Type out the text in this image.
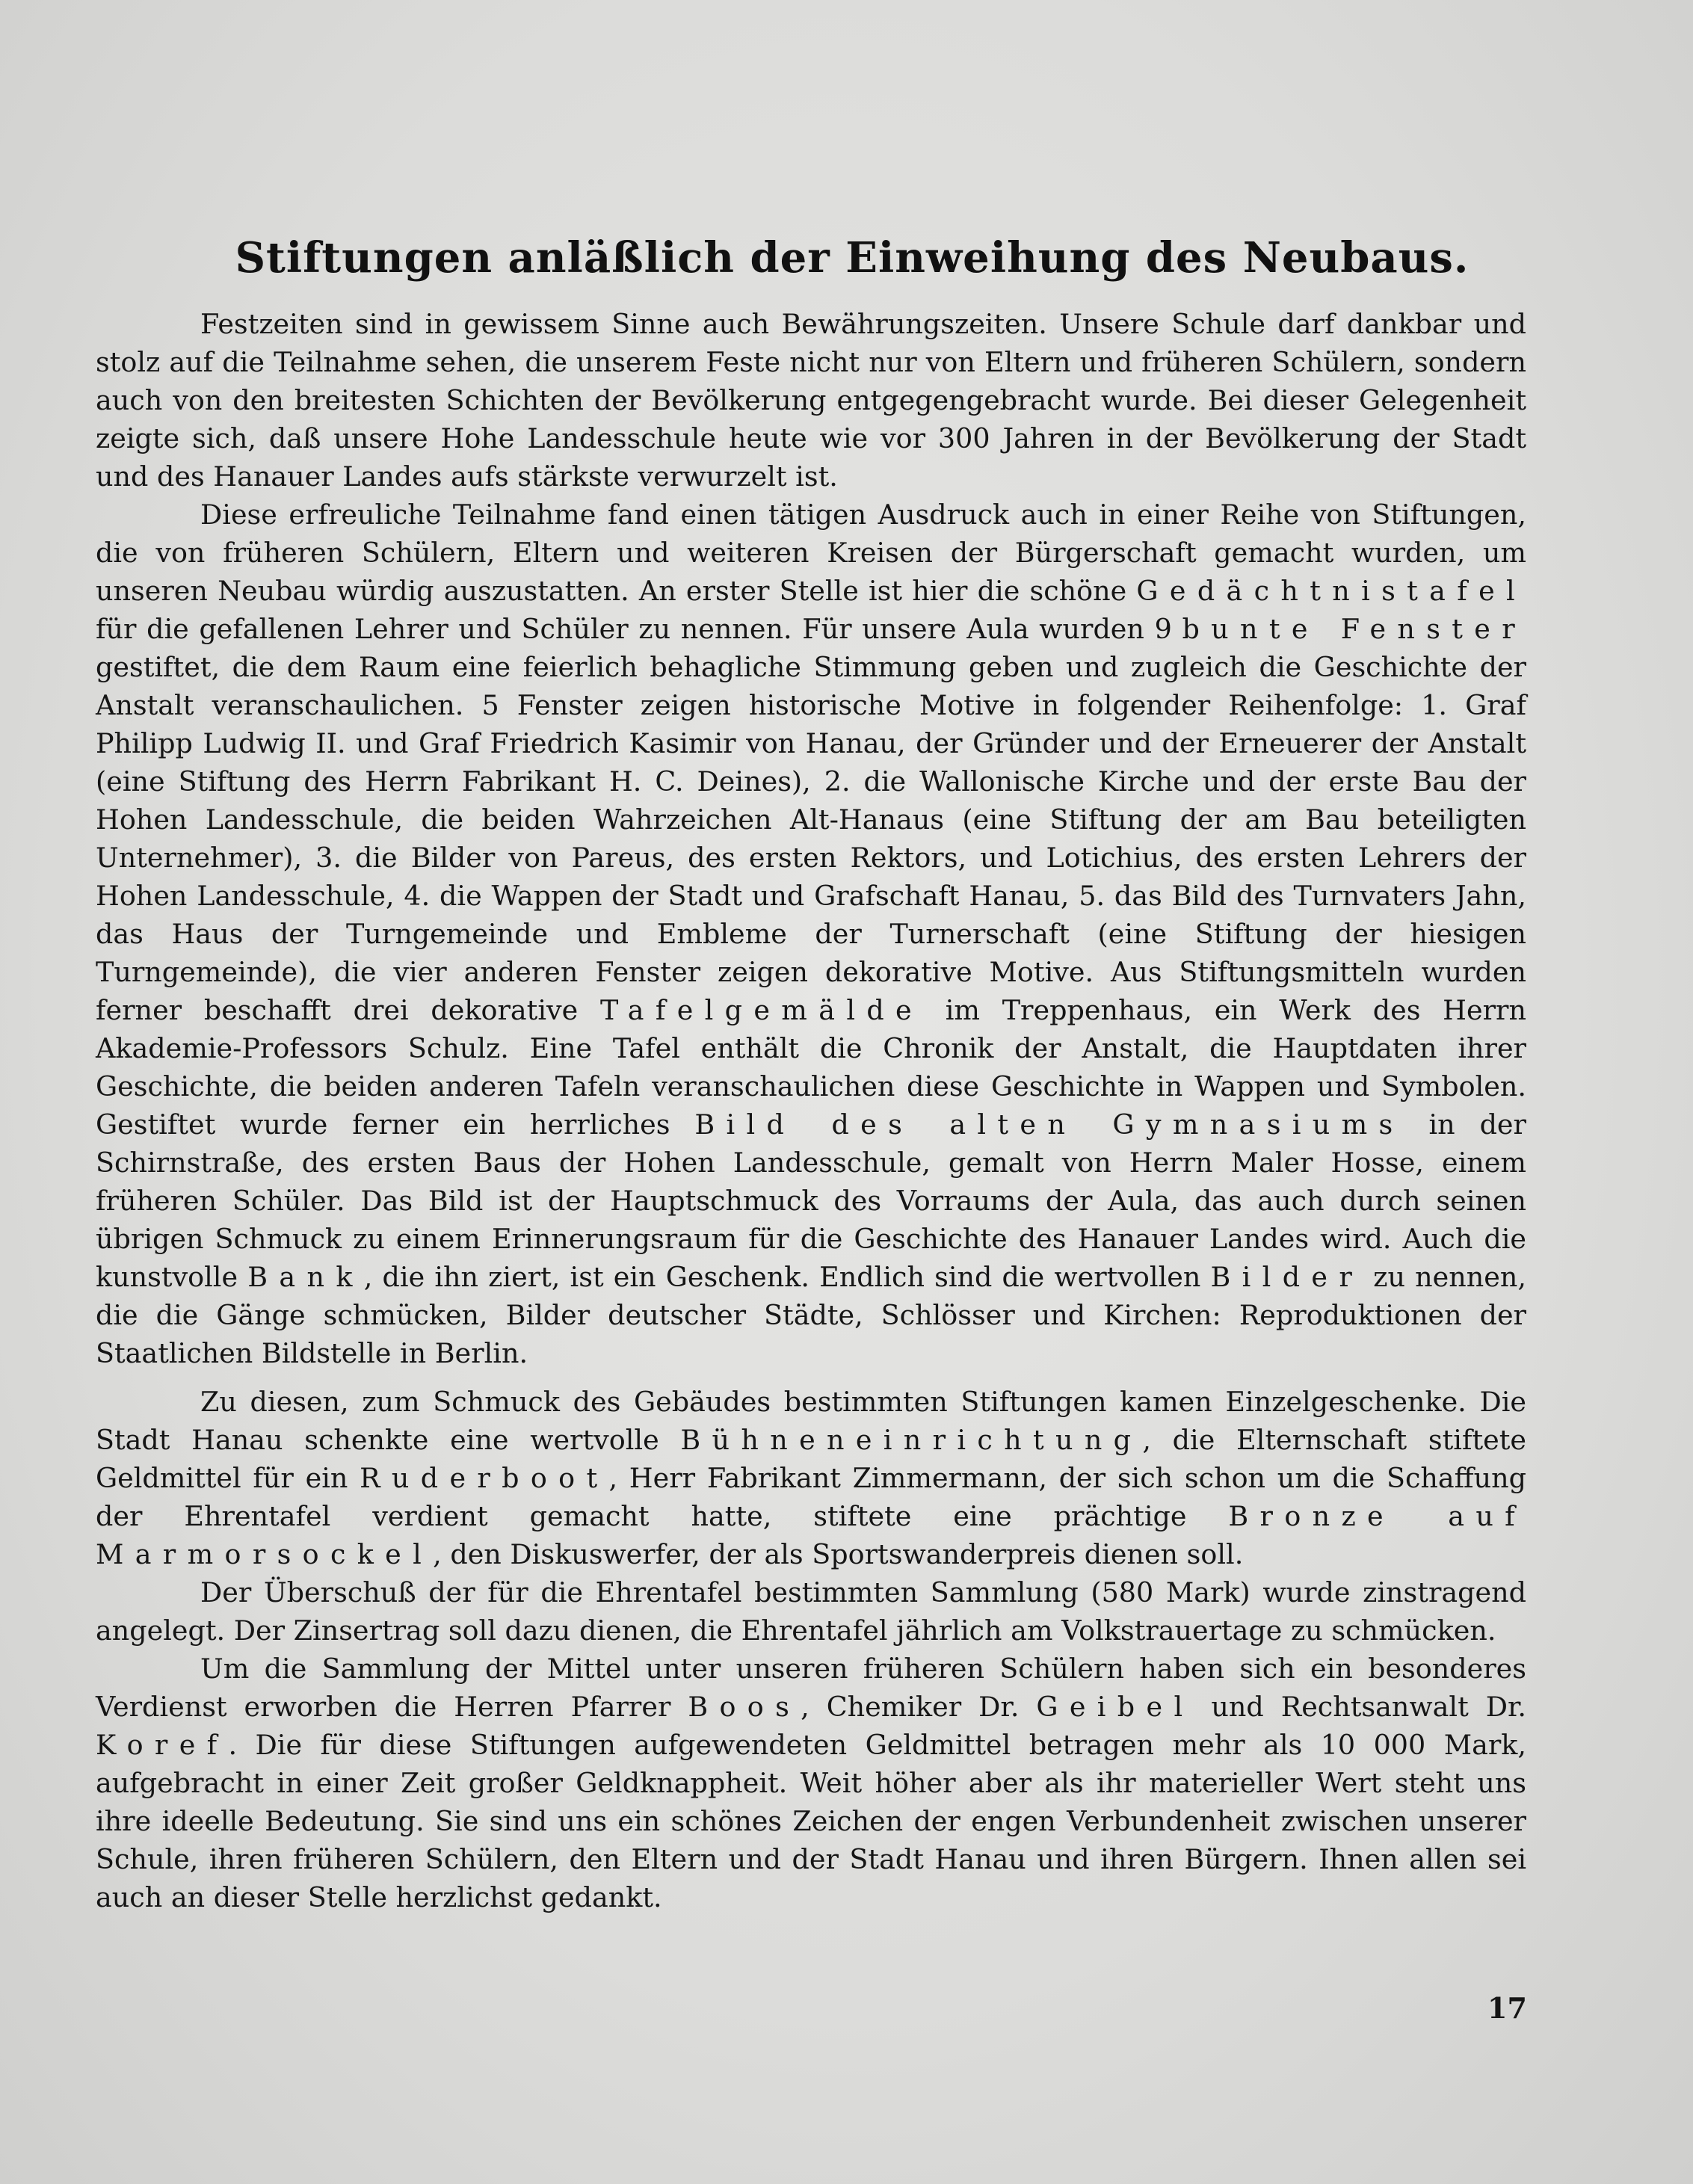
Stiftungen anläßlich der Einweihung des Neubaus.

Festzeiten sind in gewissem Sinne auch Bewährungszeiten. Unsere Schule darf dankbar und stolz auf die Teilnahme sehen, die unserem Feste nicht nur von Eltern und früheren Schülern, sondern auch von den breitesten Schichten der Bevölkerung entgegengebracht wurde. Bei dieser Gelegenheit zeigte sich, daß unsere Hohe Landesschule heute wie vor 300 Jahren in der Bevölkerung der Stadt und des Hanauer Landes aufs stärkste verwurzelt ist.

Diese erfreuliche Teilnahme fand einen tätigen Ausdruck auch in einer Reihe von Stiftungen, die von früheren Schülern, Eltern und weiteren Kreisen der Bürgerschaft gemacht wurden, um unseren Neubau würdig auszustatten. An erster Stelle ist hier die schöne Gedächtnistafel für die gefallenen Lehrer und Schüler zu nennen. Für unsere Aula wurden 9 bunte Fenster gestiftet, die dem Raum eine feierlich behagliche Stimmung geben und zugleich die Geschichte der Anstalt veranschaulichen. 5 Fenster zeigen historische Motive in folgender Reihenfolge: 1. Graf Philipp Ludwig II. und Graf Friedrich Kasimir von Hanau, der Gründer und der Erneuerer der Anstalt (eine Stiftung des Herrn Fabrikant H. C. Deines), 2. die Wallonische Kirche und der erste Bau der Hohen Landesschule, die beiden Wahrzeichen Alt-Hanaus (eine Stiftung der am Bau beteiligten Unternehmer), 3. die Bilder von Pareus, des ersten Rektors, und Lotichius, des ersten Lehrers der Hohen Landesschule, 4. die Wappen der Stadt und Grafschaft Hanau, 5. das Bild des Turnvaters Jahn, das Haus der Turngemeinde und Embleme der Turnerschaft (eine Stiftung der hiesigen Turngemeinde), die vier anderen Fenster zeigen dekorative Motive. Aus Stiftungsmitteln wurden ferner beschafft drei dekorative Tafelgemälde im Treppenhaus, ein Werk des Herrn Akademie-Professors Schulz. Eine Tafel enthält die Chronik der Anstalt, die Hauptdaten ihrer Geschichte, die beiden anderen Tafeln veranschaulichen diese Geschichte in Wappen und Symbolen. Gestiftet wurde ferner ein herrliches Bild des alten Gymnasiums in der Schirnstraße, des ersten Baus der Hohen Landesschule, gemalt von Herrn Maler Hosse, einem früheren Schüler. Das Bild ist der Hauptschmuck des Vorraums der Aula, das auch durch seinen übrigen Schmuck zu einem Erinnerungsraum für die Geschichte des Hanauer Landes wird. Auch die kunstvolle Bank, die ihn ziert, ist ein Geschenk. Endlich sind die wertvollen Bilder zu nennen, die die Gänge schmücken, Bilder deutscher Städte, Schlösser und Kirchen: Reproduktionen der Staatlichen Bildstelle in Berlin.

Zu diesen, zum Schmuck des Gebäudes bestimmten Stiftungen kamen Einzelgeschenke. Die Stadt Hanau schenkte eine wertvolle Bühneneinrichtung, die Elternschaft stiftete Geldmittel für ein Ruderboot, Herr Fabrikant Zimmermann, der sich schon um die Schaffung der Ehrentafel verdient gemacht hatte, stiftete eine prächtige Bronze auf Marmorsockel, den Diskuswerfer, der als Sportswanderpreis dienen soll.

Der Überschuß der für die Ehrentafel bestimmten Sammlung (580 Mark) wurde zinstragend angelegt. Der Zinsertrag soll dazu dienen, die Ehrentafel jährlich am Volkstrauertage zu schmücken.

Um die Sammlung der Mittel unter unseren früheren Schülern haben sich ein besonderes Verdienst erworben die Herren Pfarrer Boos, Chemiker Dr. Geibel und Rechtsanwalt Dr. Koref. Die für diese Stiftungen aufgewendeten Geldmittel betragen mehr als 10 000 Mark, aufgebracht in einer Zeit großer Geldknappheit. Weit höher aber als ihr materieller Wert steht uns ihre ideelle Bedeutung. Sie sind uns ein schönes Zeichen der engen Verbundenheit zwischen unserer Schule, ihren früheren Schülern, den Eltern und der Stadt Hanau und ihren Bürgern. Ihnen allen sei auch an dieser Stelle herzlichst gedankt.

17
